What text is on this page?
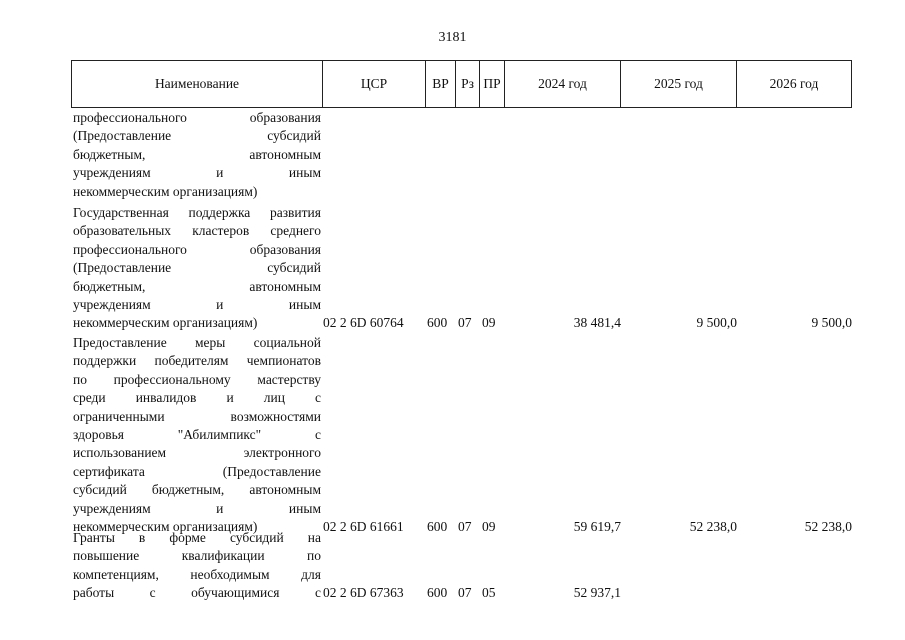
3181
Наименование	ЦСР	ВР	Рз	ПР	2024 год	2025 год	2026 год
профессионального образования
(Предоставление субсидий
бюджетным, автономным
учреждениям и иным
некоммерческим организациям)
Государственная поддержка развития
образовательных кластеров среднего
профессионального образования
(Предоставление субсидий
бюджетным, автономным
учреждениям и иным
некоммерческим организациям)	02 2 6D 60764 600 07 09	38 481,4	9 500,0	9 500,0
Предоставление меры социальной
поддержки победителям чемпионатов
по профессиональному мастерству
среди инвалидов и лиц с
ограниченными возможностями
здоровья "Абилимпикс" с
использованием электронного
сертификата (Предоставление
субсидий бюджетным, автономным
учреждениям и иным
некоммерческим организациям)	02 2 6D 61661 600 07 09	59 619,7	52 238,0	52 238,0
Гранты в форме субсидий на
повышение квалификации по
компетенциям, необходимым для
работы с обучающимися с 02 2 6D 67363 600 07 05	52 937,1
